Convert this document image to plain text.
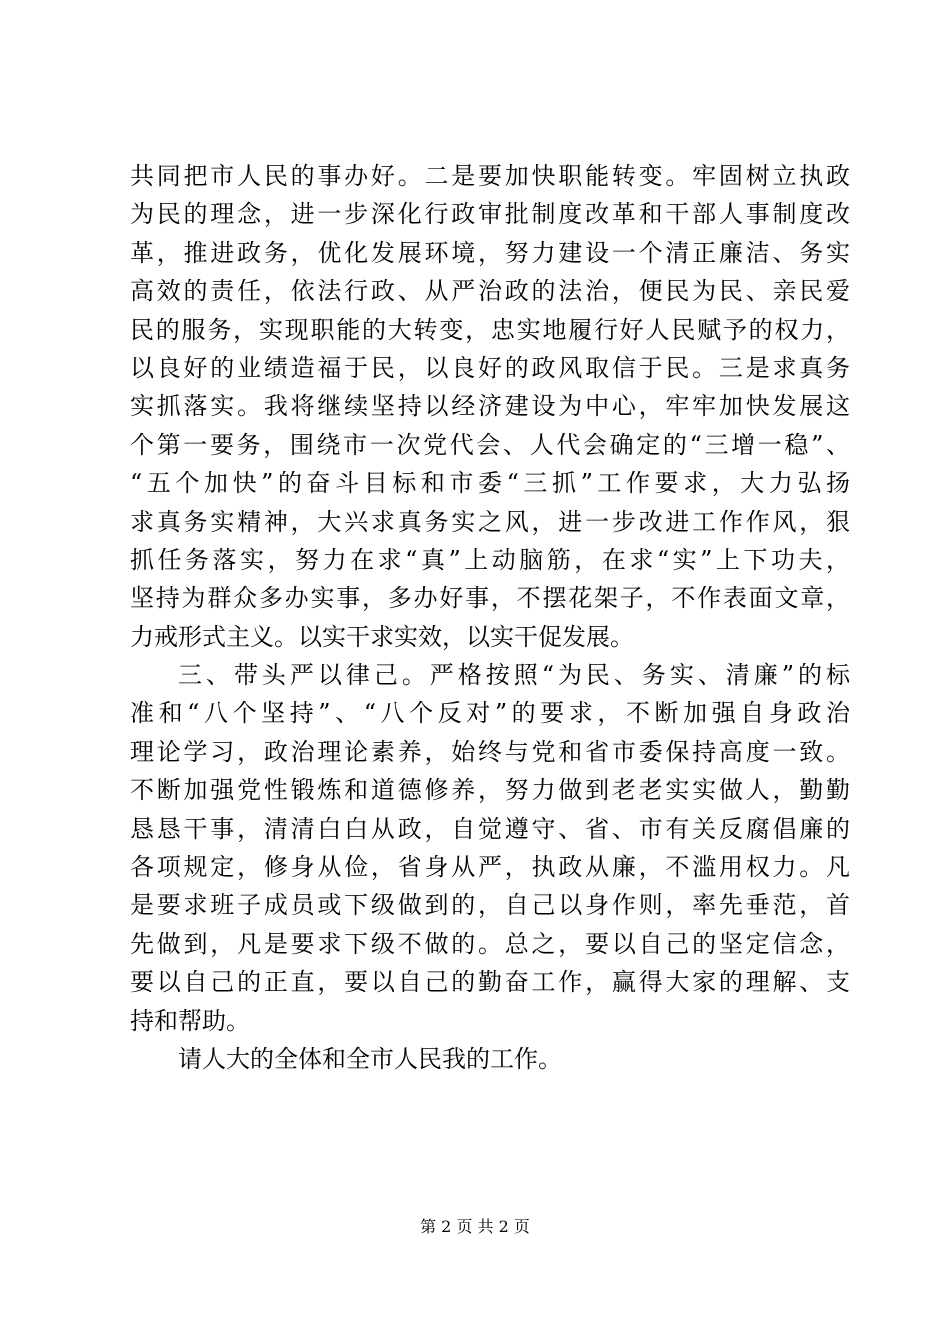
共同把市人民的事办好。二是要加快职能转变。牢固树立执政
为民的理念，进一步深化行政审批制度改革和干部人事制度改
革，推进政务，优化发展环境，努力建设一个清正廉洁、务实
高效的责任，依法行政、从严治政的法治，便民为民、亲民爱
民的服务，实现职能的大转变，忠实地履行好人民赋予的权力，
以良好的业绩造福于民，以良好的政风取信于民。三是求真务
实抓落实。我将继续坚持以经济建设为中心，牢牢加快发展这
个第一要务，围绕市一次党代会、人代会确定的“三增一稳”、
“五个加快”的奋斗目标和市委“三抓”工作要求，大力弘扬
求真务实精神，大兴求真务实之风，进一步改进工作作风，狠
抓任务落实，努力在求“真”上动脑筋，在求“实”上下功夫，
坚持为群众多办实事，多办好事，不摆花架子，不作表面文章，
力戒形式主义。以实干求实效，以实干促发展。
三、带头严以律己。严格按照“为民、务实、清廉”的标
准和“八个坚持”、“八个反对”的要求，不断加强自身政治
理论学习，政治理论素养，始终与党和省市委保持高度一致。
不断加强党性锻炼和道德修养，努力做到老老实实做人，勤勤
恳恳干事，清清白白从政，自觉遵守、省、市有关反腐倡廉的
各项规定，修身从俭，省身从严，执政从廉，不滥用权力。凡
是要求班子成员或下级做到的，自己以身作则，率先垂范，首
先做到，凡是要求下级不做的。总之，要以自己的坚定信念，
要以自己的正直，要以自己的勤奋工作，赢得大家的理解、支
持和帮助。
请人大的全体和全市人民我的工作。
第 2 页 共 2 页
